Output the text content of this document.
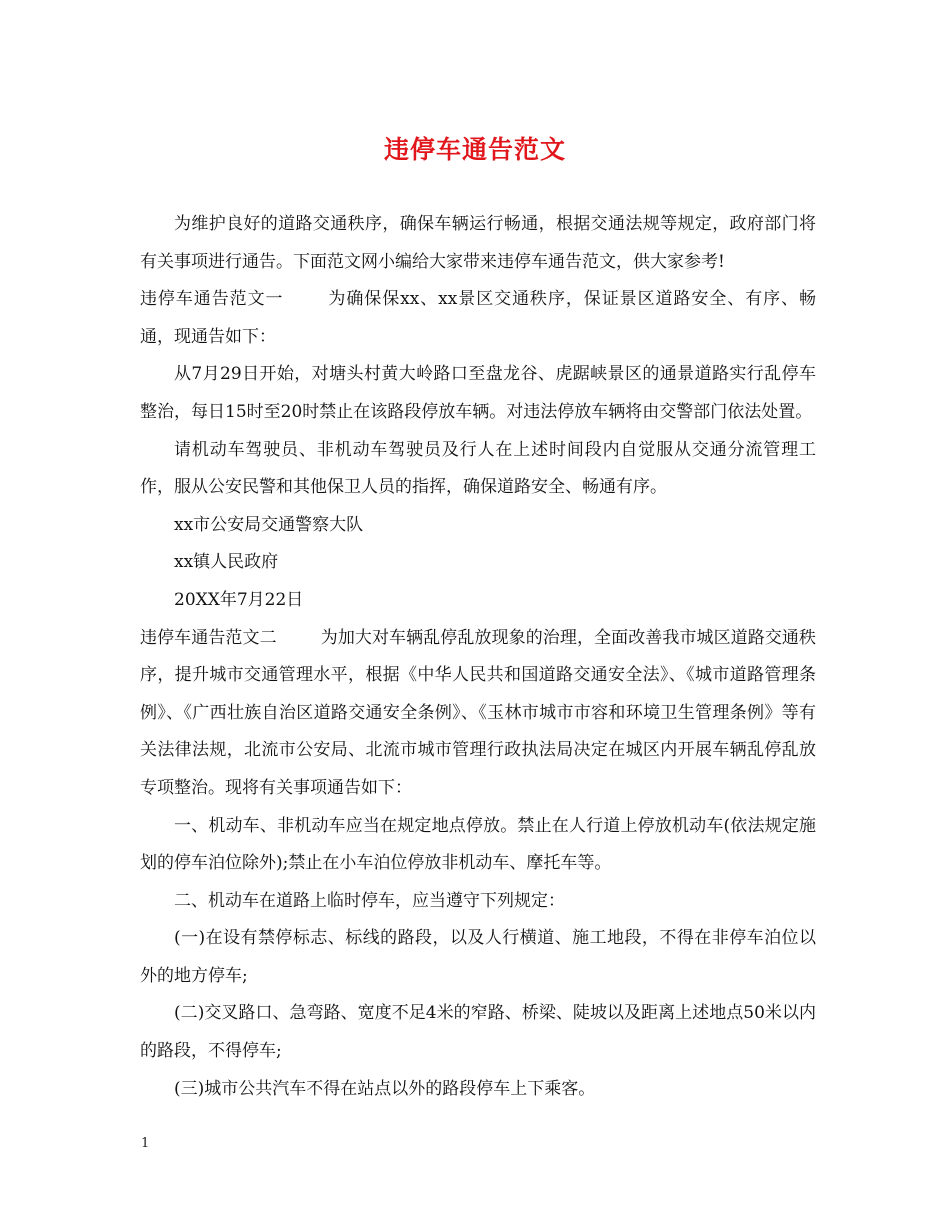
违停车通告范文

为维护良好的道路交通秩序，确保车辆运行畅通，根据交通法规等规定，政府部门将有关事项进行通告。下面范文网小编给大家带来违停车通告范文，供大家参考!

违停车通告范文一	为确保保xx、xx景区交通秩序，保证景区道路安全、有序、畅通，现通告如下：

从7月29日开始，对塘头村黄大岭路口至盘龙谷、虎踞峡景区的通景道路实行乱停车整治，每日15时至20时禁止在该路段停放车辆。对违法停放车辆将由交警部门依法处置。

请机动车驾驶员、非机动车驾驶员及行人在上述时间段内自觉服从交通分流管理工作，服从公安民警和其他保卫人员的指挥，确保道路安全、畅通有序。

xx市公安局交通警察大队

xx镇人民政府

20XX年7月22日

违停车通告范文二	为加大对车辆乱停乱放现象的治理，全面改善我市城区道路交通秩序，提升城市交通管理水平，根据《中华人民共和国道路交通安全法》、《城市道路管理条例》、《广西壮族自治区道路交通安全条例》、《玉林市城市市容和环境卫生管理条例》等有关法律法规，北流市公安局、北流市城市管理行政执法局决定在城区内开展车辆乱停乱放专项整治。现将有关事项通告如下：

一、机动车、非机动车应当在规定地点停放。禁止在人行道上停放机动车(依法规定施划的停车泊位除外);禁止在小车泊位停放非机动车、摩托车等。

二、机动车在道路上临时停车，应当遵守下列规定：

(一)在设有禁停标志、标线的路段，以及人行横道、施工地段，不得在非停车泊位以外的地方停车;

(二)交叉路口、急弯路、宽度不足4米的窄路、桥梁、陡坡以及距离上述地点50米以内的路段，不得停车;

(三)城市公共汽车不得在站点以外的路段停车上下乘客。

1
